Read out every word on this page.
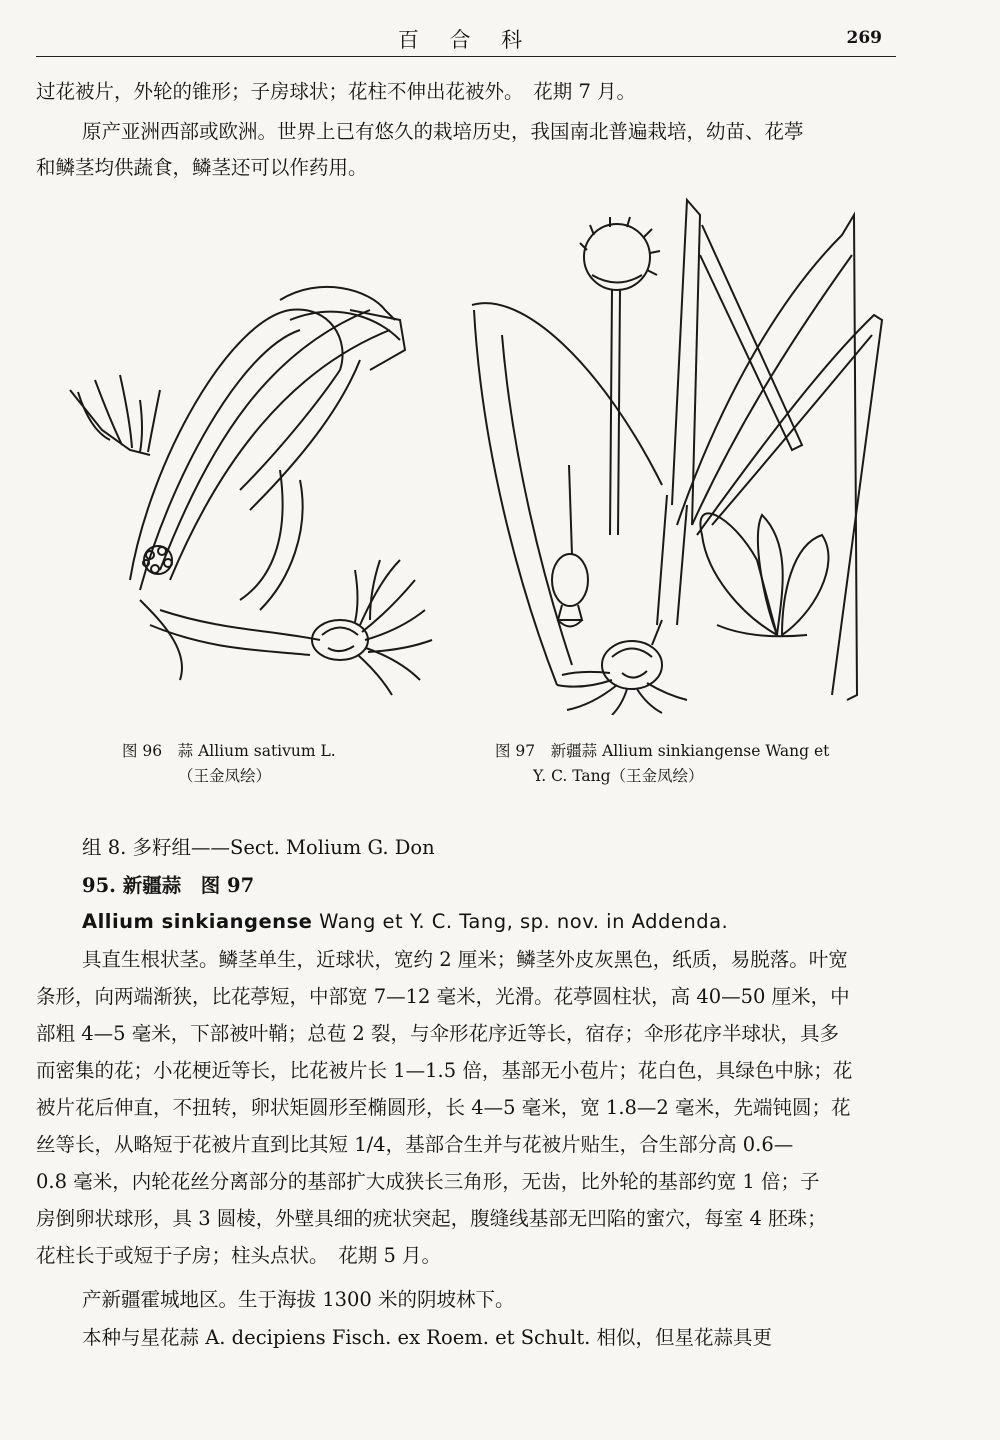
百 合 科	269
过花被片，外轮的锥形；子房球状；花柱不伸出花被外。　花期 7 月。
原产亚洲西部或欧洲。世界上已有悠久的栽培历史，我国南北普遍栽培，幼苗、花葶
和鳞茎均供蔬食，鳞茎还可以作药用。
图 96　蒜 Allium sativum L.
（王金凤绘）
图 97　新疆蒜 Allium sinkiangense Wang et
Y. C. Tang（王金凤绘）
组 8. 多籽组——Sect. Molium G. Don
95. 新疆蒜　图 97
Allium sinkiangense Wang et Y. C. Tang, sp. nov. in Addenda.
具直生根状茎。鳞茎单生，近球状，宽约 2 厘米；鳞茎外皮灰黑色，纸质，易脱落。叶宽
条形，向两端渐狭，比花葶短，中部宽 7—12 毫米，光滑。花葶圆柱状，高 40—50 厘米，中
部粗 4—5 毫米，下部被叶鞘；总苞 2 裂，与伞形花序近等长，宿存；伞形花序半球状，具多
而密集的花；小花梗近等长，比花被片长 1—1.5 倍，基部无小苞片；花白色，具绿色中脉；花
被片花后伸直，不扭转，卵状矩圆形至椭圆形，长 4—5 毫米，宽 1.8—2 毫米，先端钝圆；花
丝等长，从略短于花被片直到比其短 1/4，基部合生并与花被片贴生，合生部分高 0.6—
0.8 毫米，内轮花丝分离部分的基部扩大成狭长三角形，无齿，比外轮的基部约宽 1 倍；子
房倒卵状球形，具 3 圆棱，外壁具细的疣状突起，腹缝线基部无凹陷的蜜穴，每室 4 胚珠；
花柱长于或短于子房；柱头点状。　花期 5 月。
产新疆霍城地区。生于海拔 1300 米的阴坡林下。
本种与星花蒜 A. decipiens Fisch. ex Roem. et Schult. 相似，但星花蒜具更
